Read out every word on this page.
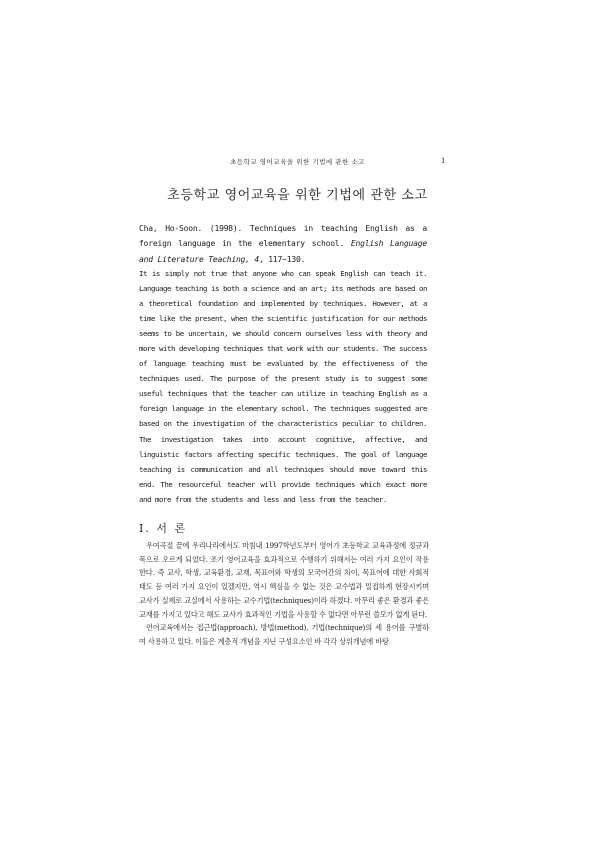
초등학교 영어교육을 위한 기법에 관한 소고	1
초등학교 영어교육을 위한 기법에 관한 소고
Cha, Ho-Soon. (1998). Techniques in teaching English as a foreign language in the elementary school. English Language and Literature Teaching, 4, 117~130.
It is simply not true that anyone who can speak English can teach it. Language teaching is both a science and an art; its methods are based on a theoretical foundation and implemented by techniques. However, at a time like the present, when the scientific justification for our methods seems to be uncertain, we should concern ourselves less with theory and more with developing techniques that work with our students. The success of language teaching must be evaluated by the effectiveness of the techniques used. The purpose of the present study is to suggest some useful techniques that the teacher can utilize in teaching English as a foreign language in the elementary school. The techniques suggested are based on the investigation of the characteristics peculiar to children. The investigation takes into account cognitive, affective, and linguistic factors affecting specific techniques. The goal of language teaching is communication and all techniques should move toward this end. The resourceful teacher will provide techniques which exact more and more from the students and less and less from the teacher.
Ⅰ. 서 론

우여곡절 끝에 우리나라에서도 마침내 1997학년도부터 영어가 초등학교 교육과정에 정규과목으로 오르게 되었다. 조기 영어교육을 효과적으로 수행하기 위해서는 여러 가지 요인이 작용한다. 즉 교사, 학생, 교육환경, 교재, 목표어와 학생의 모국어간의 차이, 목표어에 대한 사회적 태도 등 여러 가지 요인이 있겠지만, 역시 핵심을 수 없는 것은 교수법과 밀접하게 현장시키며 교사가 실제로 교실에서 사용하는 교수기법(techniques)이라 하겠다. 아무리 좋은 환경과 좋은 교재를 가지고 있다고 해도 교사가 효과적인 기법을 사용할 수 없다면 아무런 쓸모가 없게 된다.

언어교육에서는 접근법(approach), 방법(method), 기법(technique)의 세 용어를 구별하여 사용하고 있다. 이들은 계층적 개념을 지닌 구성요소인 바 각각 상위개념에 바탕
